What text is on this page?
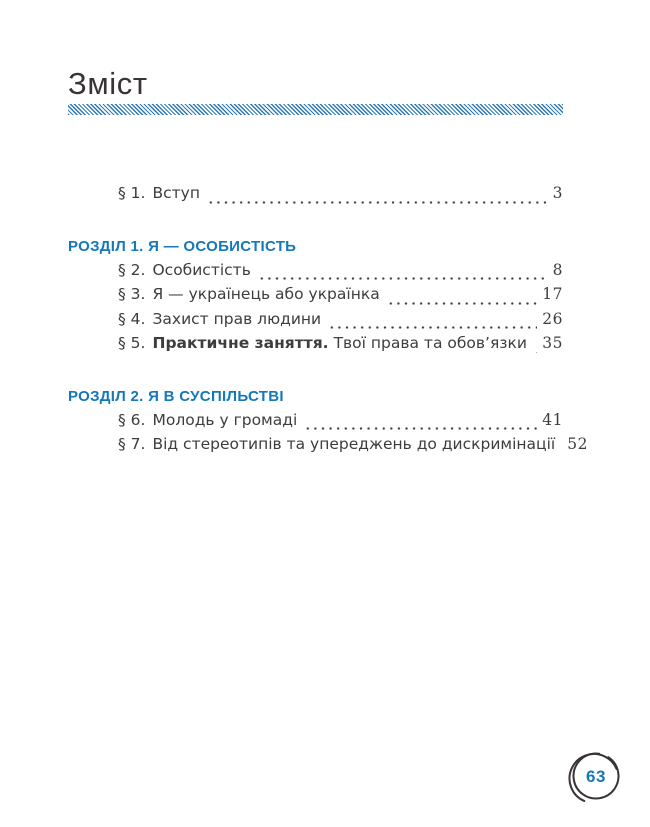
Зміст
§ 1. Вступ	3
РОЗДІЛ 1. Я — ОСОБИСТІСТЬ
§ 2. Особистість	8
§ 3. Я — українець або українка	17
§ 4. Захист прав людини	26
§ 5. Практичне заняття. Твої права та обов’язки 35
РОЗДІЛ 2. Я В СУСПІЛЬСТВІ
§ 6. Молодь у громаді	41
§ 7. Від стереотипів та упереджень до дискримінації 52
63
